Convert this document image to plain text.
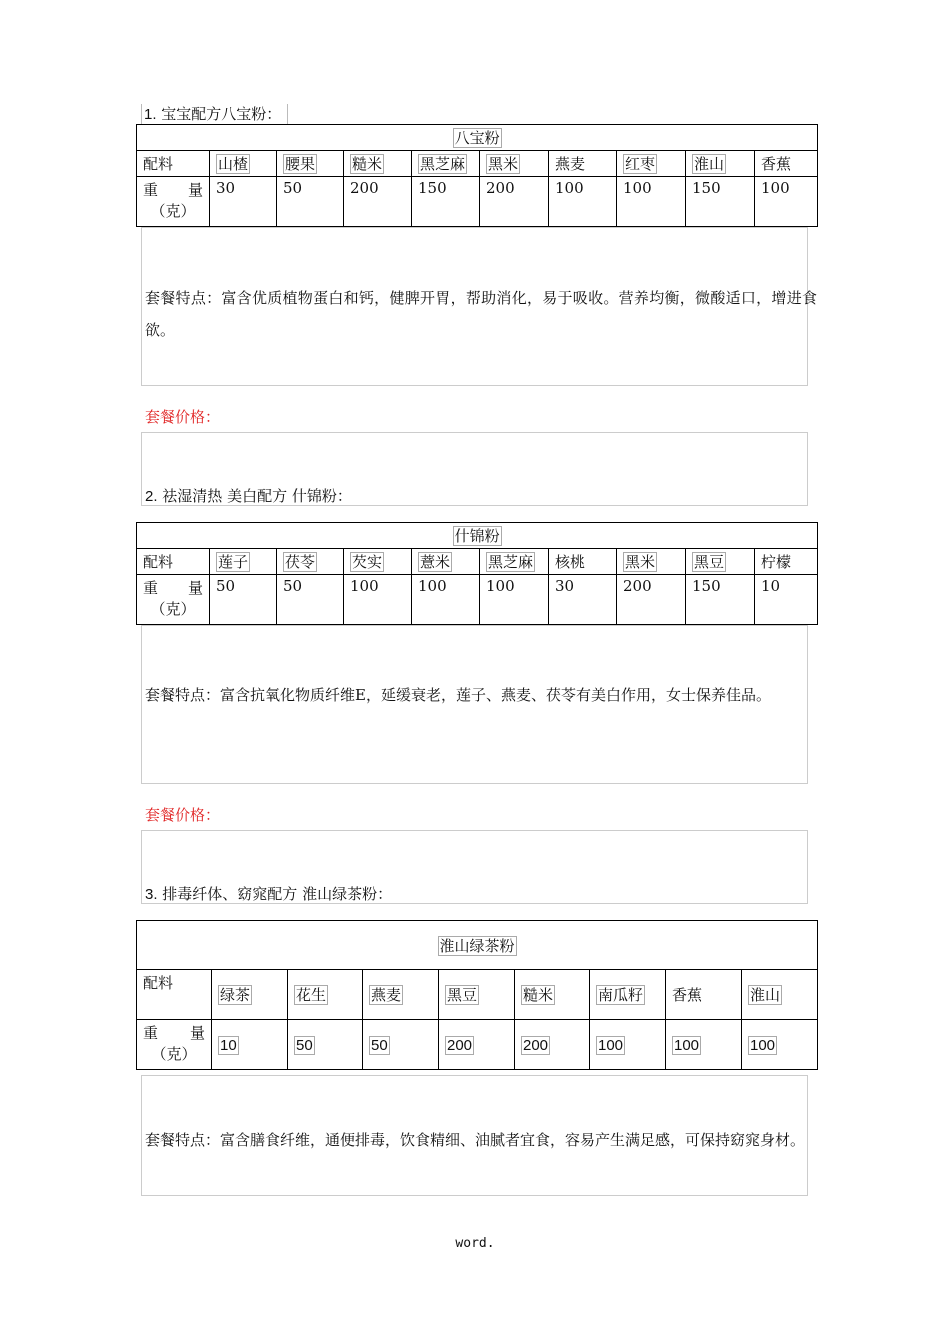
1. 宝宝配方八宝粉：
八宝粉									
配料	山楂	腰果	糙米	黑芝麻	黑米	燕麦	红枣	淮山	香蕉

重 量
（克）	30	50	200	150	200	100	100	150	100
套餐特点：富含优质植物蛋白和钙，健脾开胃，帮助消化，易于吸收。营养均衡，微酸适口，增进食欲。
套餐价格：
2. 祛湿清热 美白配方 什锦粉：
什锦粉									
配料	莲子	茯苓	芡实	薏米	黑芝麻	核桃	黑米	黑豆	柠檬

重 量
（克）	50	50	100	100	100	30	200	150	10
套餐特点：富含抗氧化物质纤维E，延缓衰老，莲子、燕麦、茯苓有美白作用，女士保养佳品。
套餐价格：
3. 排毒纤体、窈窕配方 淮山绿茶粉：
淮山绿茶粉								
配料	绿茶	花生	燕麦	黑豆	糙米	南瓜籽	香蕉	淮山

重 量
（克）	10	50	50	200	200	100	100	100
套餐特点：富含膳食纤维，通便排毒，饮食精细、油腻者宜食，容易产生满足感，可保持窈窕身材。
word.
